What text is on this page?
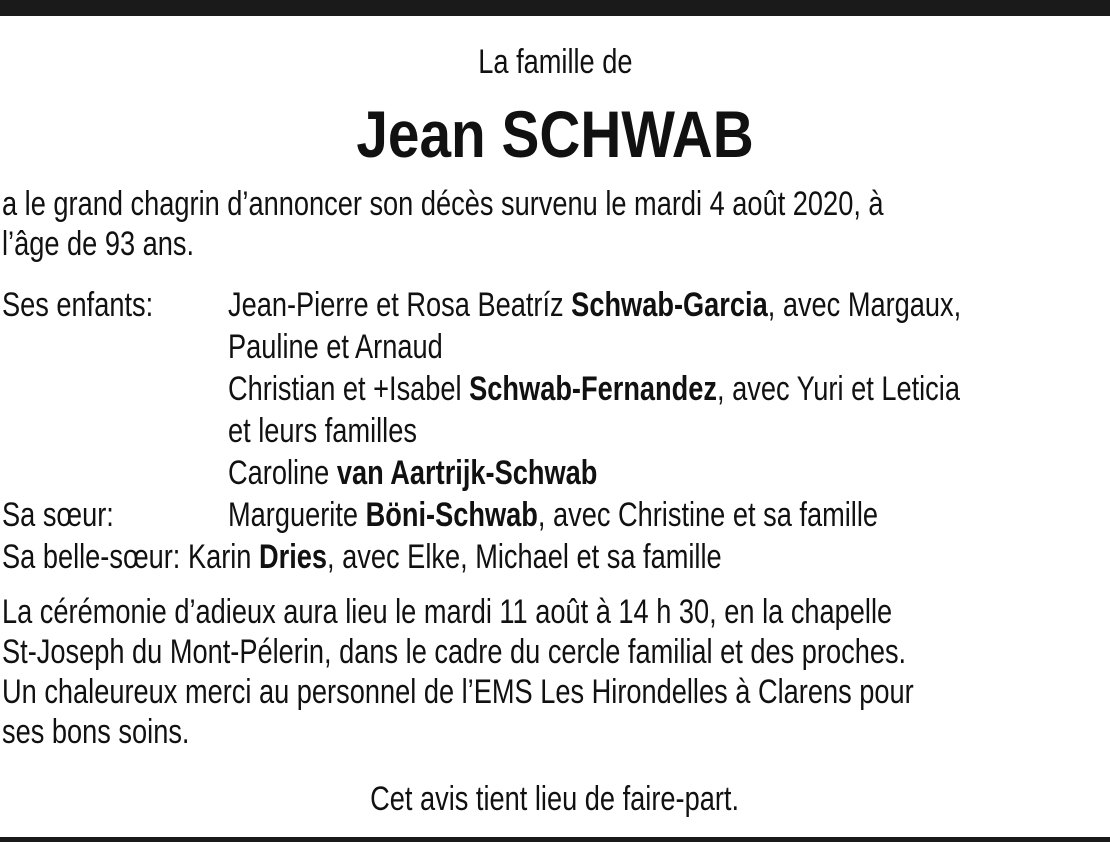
La famille de
Jean SCHWAB
a le grand chagrin d’annoncer son décès survenu le mardi 4 août 2020, à
l’âge de 93 ans.
Ses enfants: Jean-Pierre et Rosa Beatríz Schwab-Garcia, avec Margaux,
Pauline et Arnaud
Christian et +Isabel Schwab-Fernandez, avec Yuri et Leticia
et leurs familles
Caroline van Aartrijk-Schwab
Sa sœur:	Marguerite Böni-Schwab, avec Christine et sa famille
Sa belle-sœur: Karin Dries, avec Elke, Michael et sa famille
La cérémonie d’adieux aura lieu le mardi 11 août à 14 h 30, en la chapelle
St-Joseph du Mont-Pélerin, dans le cadre du cercle familial et des proches.
Un chaleureux merci au personnel de l’EMS Les Hirondelles à Clarens pour
ses bons soins.
Cet avis tient lieu de faire-part.
